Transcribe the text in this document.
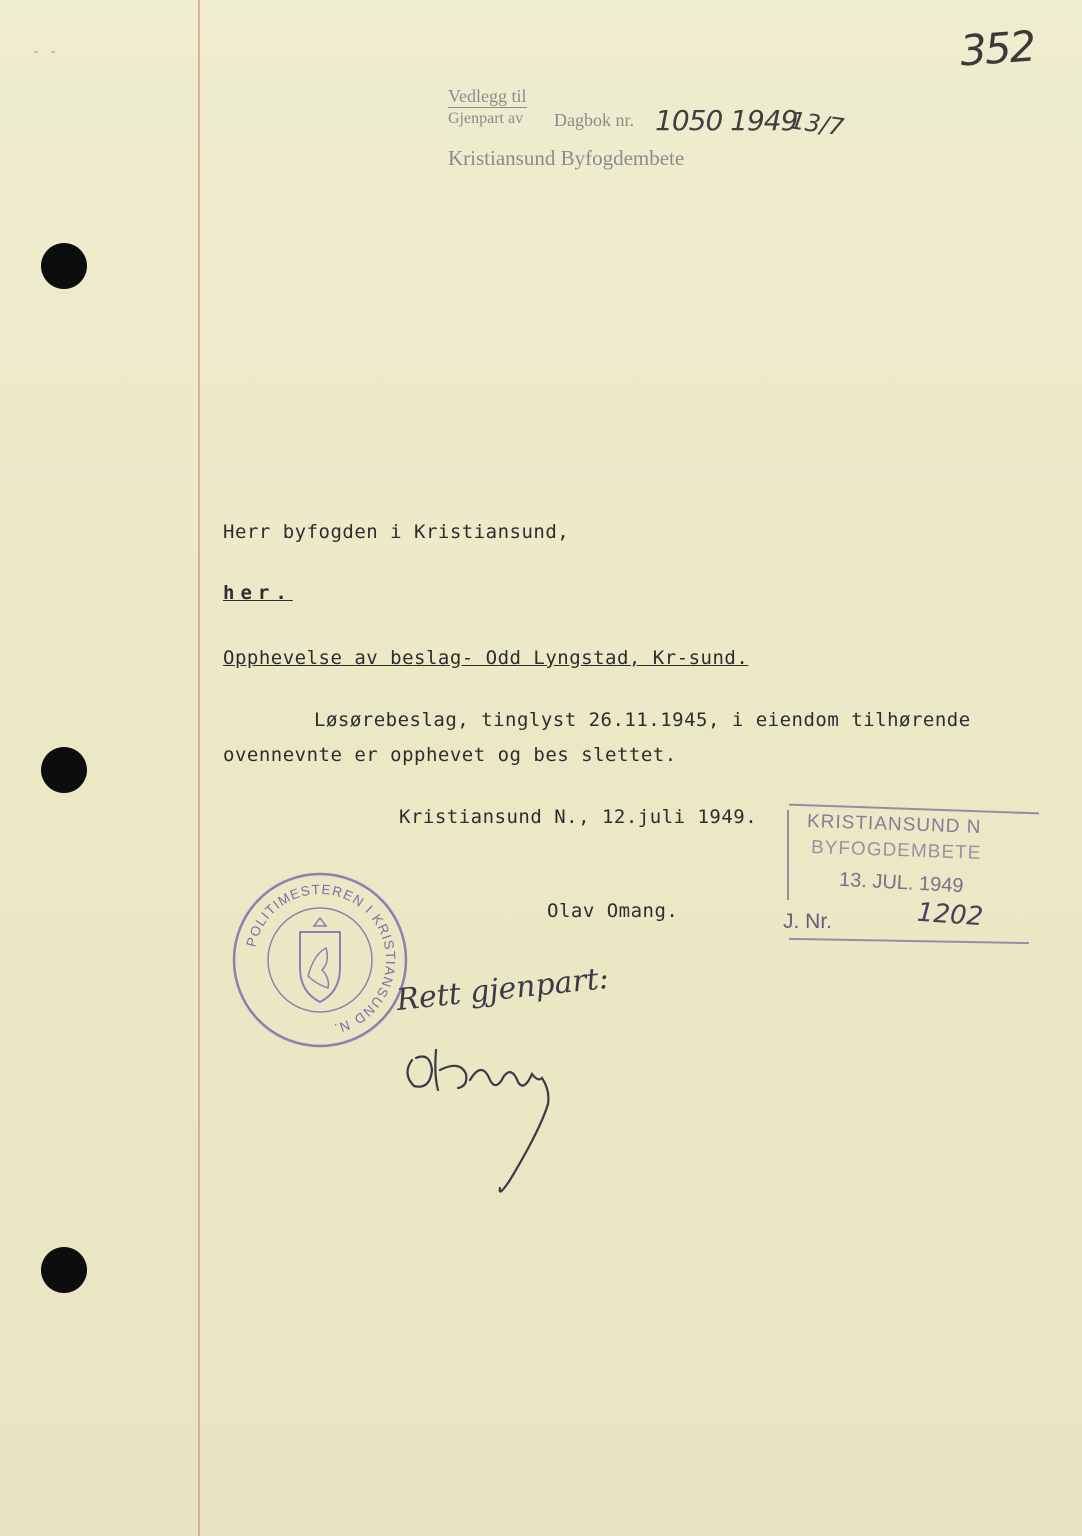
- -	352
Vedlegg til
Gjenpart av Dagbok nr.
Kristiansund Byfogdembete
1050 1949
13/7
Herr byfogden i Kristiansund,
her.
Opphevelse av beslag- Odd Lyngstad, Kr-sund.
Løsørebeslag, tinglyst 26.11.1945, i eiendom tilhørende
ovennevnte er opphevet og bes slettet.
Kristiansund N., 12.juli 1949.
Olav Omang.
KRISTIANSUND N
BYFOGDEMBETE
13. JUL. 1949
J. Nr.	1202
POLITIMESTEREN I KRISTIANSUND N.
Rett gjenpart:
